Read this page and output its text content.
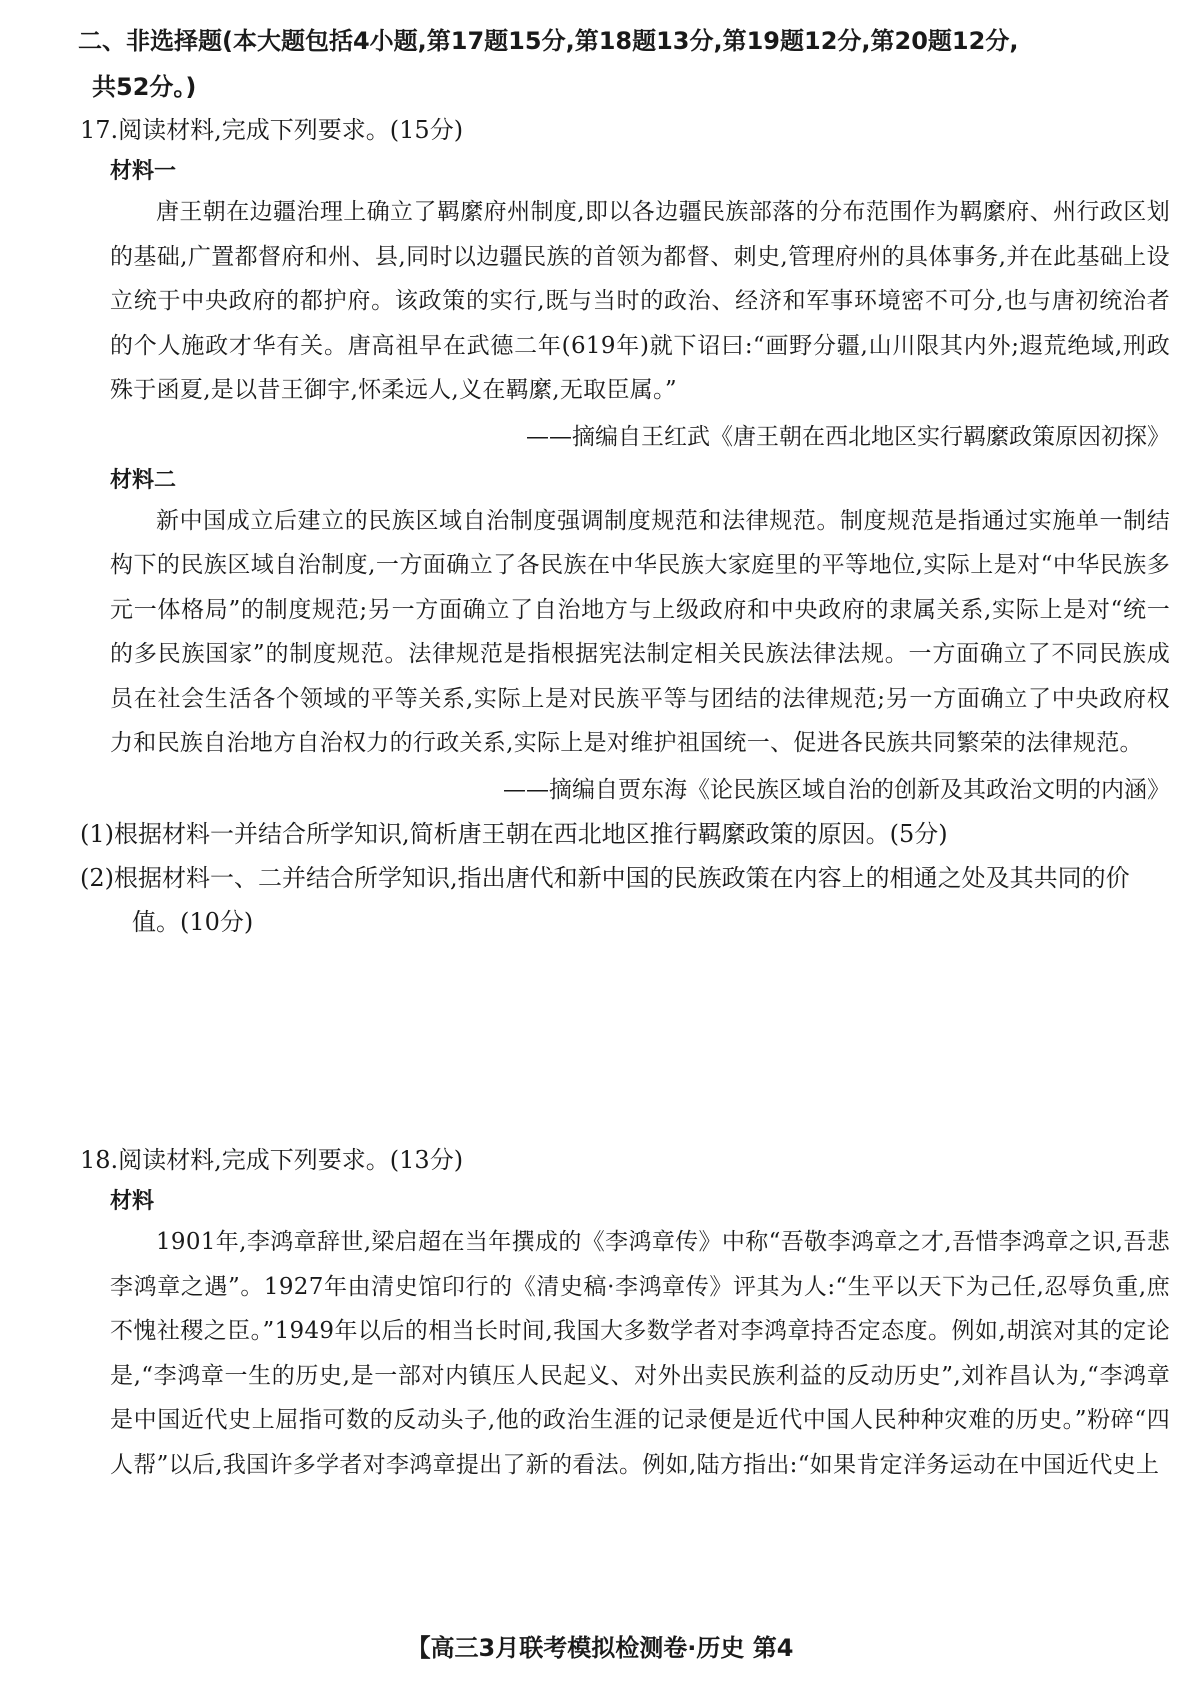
二、非选择题(本大题包括4小题,第17题15分,第18题13分,第19题12分,第20题12分,
共52分。)
17.阅读材料,完成下列要求。(15分)
材料一
唐王朝在边疆治理上确立了羁縻府州制度,即以各边疆民族部落的分布范围作为羁縻府、州行政区划的基础,广置都督府和州、县,同时以边疆民族的首领为都督、刺史,管理府州的具体事务,并在此基础上设立统于中央政府的都护府。该政策的实行,既与当时的政治、经济和军事环境密不可分,也与唐初统治者的个人施政才华有关。唐高祖早在武德二年(619年)就下诏曰:“画野分疆,山川限其内外;遐荒绝域,刑政殊于函夏,是以昔王御宇,怀柔远人,义在羁縻,无取臣属。”
——摘编自王红武《唐王朝在西北地区实行羁縻政策原因初探》
材料二
新中国成立后建立的民族区域自治制度强调制度规范和法律规范。制度规范是指通过实施单一制结构下的民族区域自治制度,一方面确立了各民族在中华民族大家庭里的平等地位,实际上是对“中华民族多元一体格局”的制度规范;另一方面确立了自治地方与上级政府和中央政府的隶属关系,实际上是对“统一的多民族国家”的制度规范。法律规范是指根据宪法制定相关民族法律法规。一方面确立了不同民族成员在社会生活各个领域的平等关系,实际上是对民族平等与团结的法律规范;另一方面确立了中央政府权力和民族自治地方自治权力的行政关系,实际上是对维护祖国统一、促进各民族共同繁荣的法律规范。
——摘编自贾东海《论民族区域自治的创新及其政治文明的内涵》
(1)根据材料一并结合所学知识,简析唐王朝在西北地区推行羁縻政策的原因。(5分)
(2)根据材料一、二并结合所学知识,指出唐代和新中国的民族政策在内容上的相通之处及其共同的价值。(10分)
18.阅读材料,完成下列要求。(13分)
材料
1901年,李鸿章辞世,梁启超在当年撰成的《李鸿章传》中称“吾敬李鸿章之才,吾惜李鸿章之识,吾悲李鸿章之遇”。1927年由清史馆印行的《清史稿·李鸿章传》评其为人:“生平以天下为己任,忍辱负重,庶不愧社稷之臣。”1949年以后的相当长时间,我国大多数学者对李鸿章持否定态度。例如,胡滨对其的定论是,“李鸿章一生的历史,是一部对内镇压人民起义、对外出卖民族利益的反动历史”,刘祚昌认为,“李鸿章是中国近代史上屈指可数的反动头子,他的政治生涯的记录便是近代中国人民种种灾难的历史。”粉碎“四人帮”以后,我国许多学者对李鸿章提出了新的看法。例如,陆方指出:“如果肯定洋务运动在中国近代史上
【高三3月联考模拟检测卷·历史 第4
